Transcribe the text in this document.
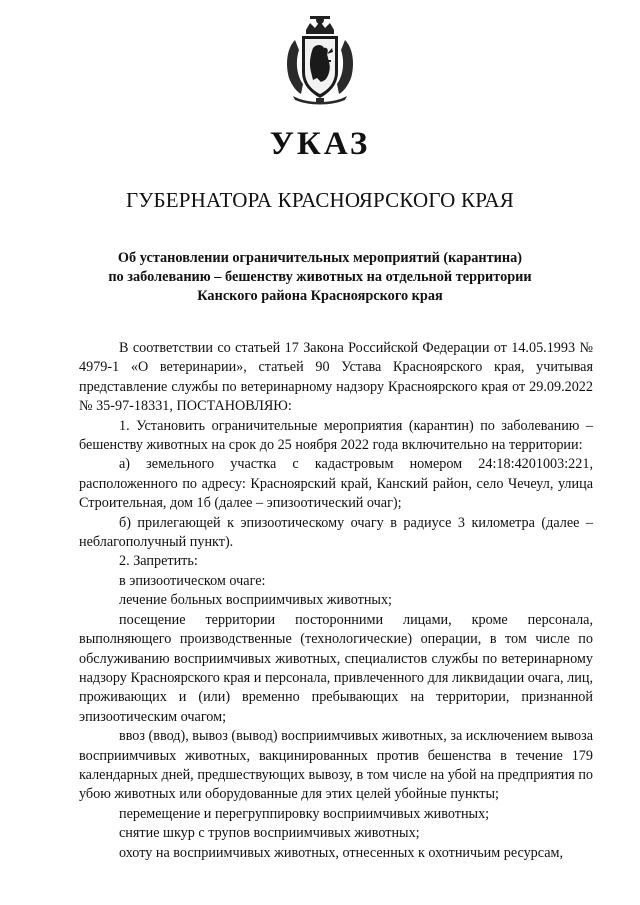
УКАЗ
ГУБЕРНАТОРА КРАСНОЯРСКОГО КРАЯ
Об установлении ограничительных мероприятий (карантина)
по заболеванию – бешенству животных на отдельной территории
Канского района Красноярского края

В соответствии со статьей 17 Закона Российской Федерации от 14.05.1993 № 4979-1 «О ветеринарии», статьей 90 Устава Красноярского края, учитывая представление службы по ветеринарному надзору Красноярского края от 29.09.2022 № 35-97-18331, ПОСТАНОВЛЯЮ:

1. Установить ограничительные мероприятия (карантин) по заболеванию – бешенству животных на срок до 25 ноября 2022 года включительно на территории:

а) земельного участка с кадастровым номером 24:18:4201003:221, расположенного по адресу: Красноярский край, Канский район, село Чечеул, улица Строительная, дом 1б (далее – эпизоотический очаг);

б) прилегающей к эпизоотическому очагу в радиусе 3 километра (далее – неблагополучный пункт).

2. Запретить:

в эпизоотическом очаге:

лечение больных восприимчивых животных;

посещение территории посторонними лицами, кроме персонала, выполняющего производственные (технологические) операции, в том числе по обслуживанию восприимчивых животных, специалистов службы по ветеринарному надзору Красноярского края и персонала, привлеченного для ликвидации очага, лиц, проживающих и (или) временно пребывающих на территории, признанной эпизоотическим очагом;

ввоз (ввод), вывоз (вывод) восприимчивых животных, за исключением вывоза восприимчивых животных, вакцинированных против бешенства в течение 179 календарных дней, предшествующих вывозу, в том числе на убой на предприятия по убою животных или оборудованные для этих целей убойные пункты;

перемещение и перегруппировку восприимчивых животных;

снятие шкур с трупов восприимчивых животных;

охоту на восприимчивых животных, отнесенных к охотничьим ресурсам,
